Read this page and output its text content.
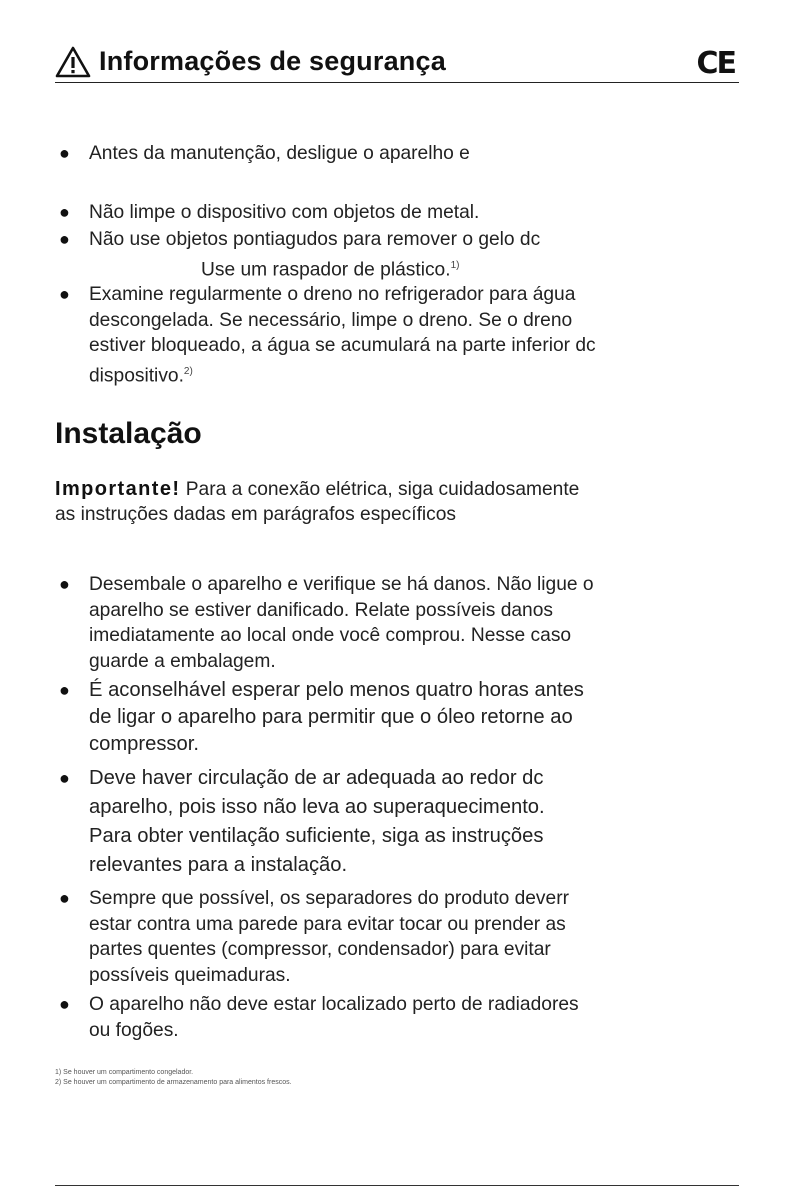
Informações de segurança	CE
● Antes da manutenção, desligue o aparelho e
● Não limpe o dispositivo com objetos de metal.
● Não use objetos pontiagudos para remover o gelo dc
Use um raspador de plástico.$^{1)}$
● Examine regularmente o dreno no refrigerador para água
descongelada. Se necessário, limpe o dreno. Se o dreno
estiver bloqueado, a água se acumulará na parte inferior dc
dispositivo.$^{2)}$
Instalação
Importante! Para a conexão elétrica, siga cuidadosamente
as instruções dadas em parágrafos específicos
● Desembale o aparelho e verifique se há danos. Não ligue o
aparelho se estiver danificado. Relate possíveis danos
imediatamente ao local onde você comprou. Nesse caso
guarde a embalagem.
● É aconselhável esperar pelo menos quatro horas antes
de ligar o aparelho para permitir que o óleo retorne ao
compressor.
● Deve haver circulação de ar adequada ao redor dc
aparelho, pois isso não leva ao superaquecimento.
Para obter ventilação suficiente, siga as instruções
relevantes para a instalação.
● Sempre que possível, os separadores do produto deverr
estar contra uma parede para evitar tocar ou prender as
partes quentes (compressor, condensador) para evitar
possíveis queimaduras.
● O aparelho não deve estar localizado perto de radiadores
ou fogões.
1) Se houver um compartimento congelador.
2) Se houver um compartimento de armazenamento para alimentos frescos.
